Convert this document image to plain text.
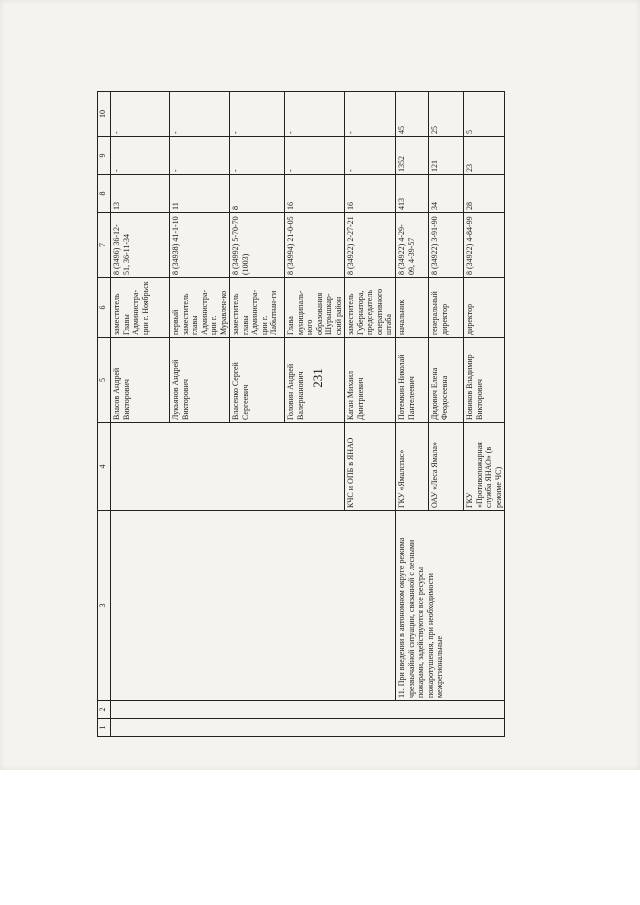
231
1	2	3	4	5	6	7	8	9	10
				Власов Андрей Викторович	заместитель Главы Администра-ции г. Ноябрьск	8 (3496) 36-12-51, 36-11-34	13	-	-
				Лукьянов Андрей Викторович	первый заместитель главы Администра-ции г. Муравлен-ко	8 (34938) 41-1-10	11	-	-
				Власенко Сергей Сергеевич	заместитель главы Администра-ции г. Лабытнан-ги	8 (34992) 5-70-70 (1003)	8	-	-
				Головин Андрей Валерианович	Глава муниципаль-ного образования Шурышкар-ский район	8 (34994) 21-0-05	16	-	-
			КЧС и ОПБ в ЯНАО	Каган Михаил Дмитриевич	заместитель Губернатора, председатель оперативного штаба	8 (34922) 2-27-21	16	-	-
		11. При введении в автономном округе режима чрезвычайной ситуации, связанной с лесными пожарами, задействуются все ресурсы пожаротушения, при необходимости межрегиональные	ГКУ «Ямалспас»	Потемкин Николай Пантелеевич	начальник	8 (34922) 4-29-09, 4-39-57	413	1352	45
			ОАУ «Леса Ямала»	Дидович Елена Феодосеевна	генеральный директор	8 (34922) 3-91-90	34	121	25
			ГКУ «Противопожарная служба ЯНАО» (в режиме ЧС)	Новиков Владимир Викторович	директор	8 (34922) 4-84-99	28	23	5
